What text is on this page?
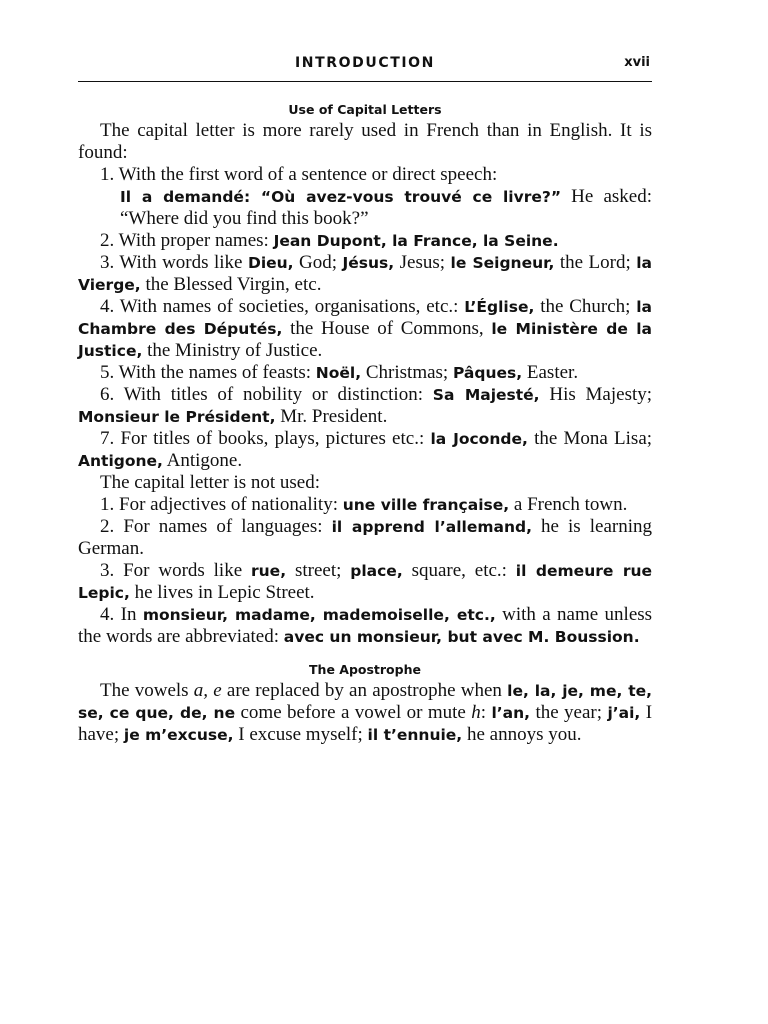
INTRODUCTION	xvii
Use of Capital Letters

The capital letter is more rarely used in French than in English. It is found:

1. With the first word of a sentence or direct speech:

Il a demandé: “Où avez-vous trouvé ce livre?” He asked: “Where did you find this book?”

2. With proper names: Jean Dupont, la France, la Seine.

3. With words like Dieu, God; Jésus, Jesus; le Seigneur, the Lord; la Vierge, the Blessed Virgin, etc.

4. With names of societies, organisations, etc.: L’Église, the Church; la Chambre des Députés, the House of Commons, le Ministère de la Justice, the Ministry of Justice.

5. With the names of feasts: Noël, Christmas; Pâques, Easter.

6. With titles of nobility or distinction: Sa Majesté, His Majesty; Monsieur le Président, Mr. President.

7. For titles of books, plays, pictures etc.: la Joconde, the Mona Lisa; Antigone, Antigone.

The capital letter is not used:

1. For adjectives of nationality: une ville française, a French town.

2. For names of languages: il apprend l’allemand, he is learning German.

3. For words like rue, street; place, square, etc.: il demeure rue Lepic, he lives in Lepic Street.

4. In monsieur, madame, mademoiselle, etc., with a name unless the words are abbreviated: avec un monsieur, but avec M. Boussion.

The Apostrophe

The vowels a, e are replaced by an apostrophe when le, la, je, me, te, se, ce que, de, ne come before a vowel or mute h: l’an, the year; j’ai, I have; je m’excuse, I excuse myself; il t’ennuie, he annoys you.
